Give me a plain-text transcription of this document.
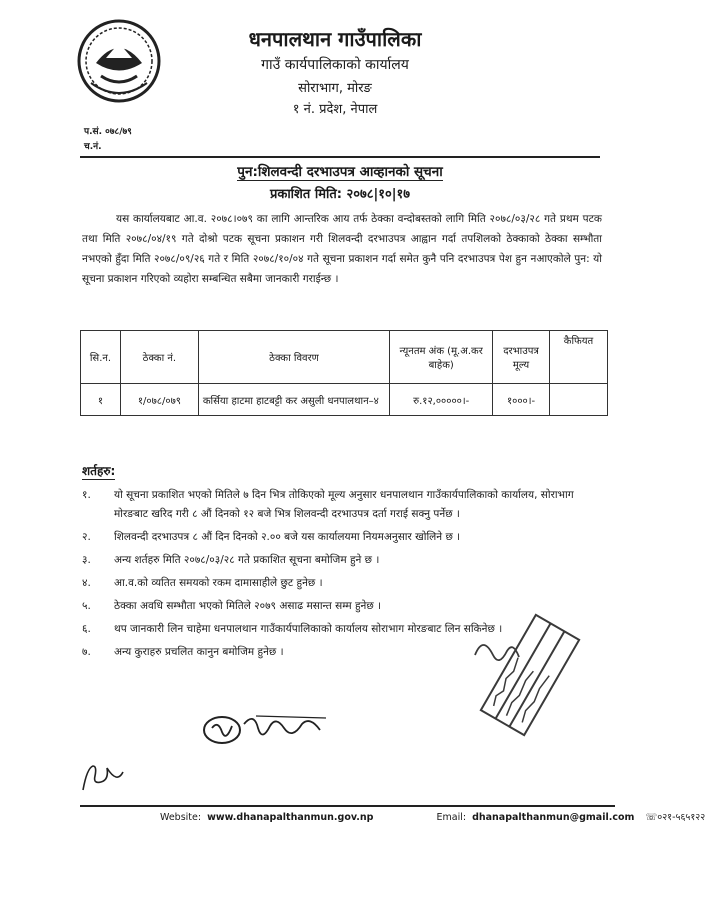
धनपालथान गाउँपालिका
गाउँ कार्यपालिकाको कार्यालय
सोराभाग, मोरङ
१ नं. प्रदेश, नेपाल
प.सं. ०७८/७९
च.नं.
पुन:शिलवन्दी दरभाउपत्र आव्हानको सूचना
प्रकाशित मिति: २०७८|१०|१७
यस कार्यालयबाट आ.व. २०७८।०७९ का लागि आन्तरिक आय तर्फ ठेक्का वन्दोबस्तको लागि मिति २०७८/०३/२८ गते प्रथम पटक तथा मिति २०७८/०४/१९ गते दोश्रो पटक सूचना प्रकाशन गरी शिलवन्दी दरभाउपत्र आह्वान गर्दा तपशिलको ठेक्काको ठेक्का सम्भौता नभएको हुँदा मिति २०७८/०९/२६ गते र मिति २०७८/१०/०४ गते सूचना प्रकाशन गर्दा समेत कुनै पनि दरभाउपत्र पेश हुन नआएकोले पुन: यो सूचना प्रकाशन गरिएको व्यहोरा सम्बन्धित सबैमा जानकारी गराईन्छ ।
सि.न.	ठेक्का नं.	ठेक्का विवरण	न्यूनतम अंक (मू.अ.कर बाहेक)	दरभाउपत्र मूल्य	कैफियत
१	१/०७८/०७९	कर्सिया हाटमा हाटबट्टी कर असुली धनपालथान–४	रु.१२,०००००।-	१०००।-	
शर्तहरु:
१.	यो सूचना प्रकाशित भएको मितिले ७ दिन भित्र तोकिएको मूल्य अनुसार धनपालथान गाउँकार्यपालिकाको कार्यालय, सोराभाग मोरङबाट खरिद गरी ८ औं दिनको १२ बजे भित्र शिलवन्दी दरभाउपत्र दर्ता गराई सक्नु पर्नेछ ।
२.	शिलवन्दी दरभाउपत्र ८ औं दिन दिनको २.०० बजे यस कार्यालयमा नियमअनुसार खोलिने छ ।
३.	अन्य शर्तहरु मिति २०७८/०३/२८ गते प्रकाशित सूचना बमोजिम हुने छ ।
४.	आ.व.को व्यतित समयको रकम दामासाहीले छुट हुनेछ ।
५.	ठेक्का अवधि सम्भौता भएको मितिले २०७९ असाढ मसान्त सम्म हुनेछ ।
६.	थप जानकारी लिन चाहेमा धनपालथान गाउँकार्यपालिकाको कार्यालय सोराभाग मोरङबाट लिन सकिनेछ ।
७.	अन्य कुराहरु प्रचलित कानुन बमोजिम हुनेछ ।
Website: www.dhanapalthanmun.gov.np	Email: dhanapalthanmun@gmail.com ☏०२१-५६५१२२
